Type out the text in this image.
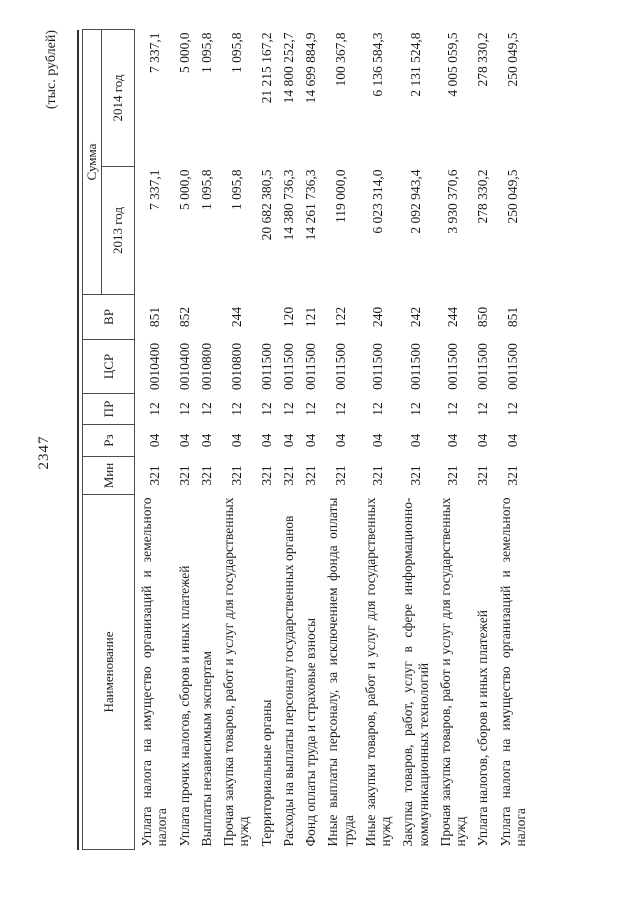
2347
(тыс. рублей)
Наименование	Мин	Рз	ПР	ЦСР	ВР	Сумма	
						2013 год	2014 год
Уплата налога на имущество организаций и земельного налога	321	04	12	0010400	851	7 337,1	7 337,1
Уплата прочих налогов, сборов и иных платежей	321	04	12	0010400	852	5 000,0	5 000,0
Выплаты независимым экспертам	321	04	12	0010800		1 095,8	1 095,8
Прочая закупка товаров, работ и услуг для государственных нужд	321	04	12	0010800	244	1 095,8	1 095,8
Территориальные органы	321	04	12	0011500		20 682 380,5	21 215 167,2
Расходы на выплаты персоналу государственных органов	321	04	12	0011500	120	14 380 736,3	14 800 252,7
Фонд оплаты труда и страховые взносы	321	04	12	0011500	121	14 261 736,3	14 699 884,9
Иные выплаты персоналу, за исключением фонда оплаты труда	321	04	12	0011500	122	119 000,0	100 367,8
Иные закупки товаров, работ и услуг для государственных нужд	321	04	12	0011500	240	6 023 314,0	6 136 584,3
Закупка товаров, работ, услуг в сфере информационно-коммуникационных технологий	321	04	12	0011500	242	2 092 943,4	2 131 524,8
Прочая закупка товаров, работ и услуг для государственных нужд	321	04	12	0011500	244	3 930 370,6	4 005 059,5
Уплата налогов, сборов и иных платежей	321	04	12	0011500	850	278 330,2	278 330,2
Уплата налога на имущество организаций и земельного налога	321	04	12	0011500	851	250 049,5	250 049,5
